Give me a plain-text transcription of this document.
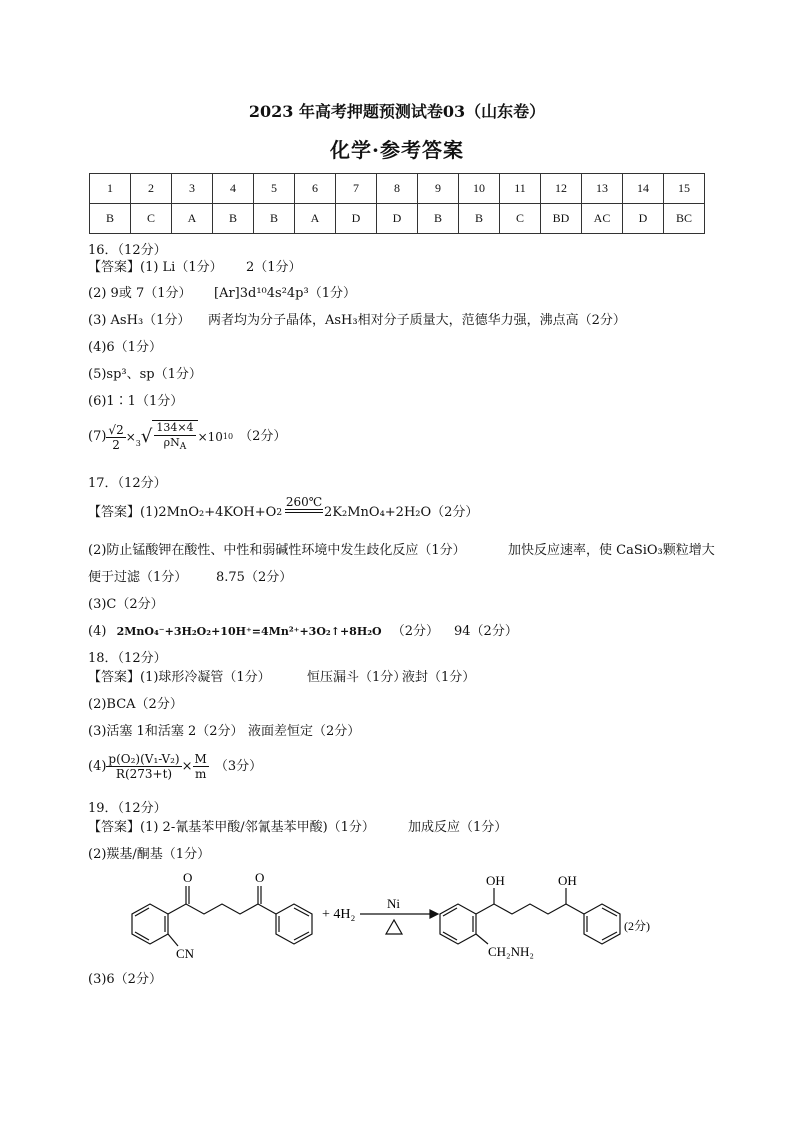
2023 年高考押题预测试卷03（山东卷）
化学·参考答案
1	2	3	4	5	6	7	8	9	10	11	12	13	14	15
B	C	A	B	B	A	D	D	B	B	C	BD	AC	D	BC
16．（12分）
【答案】(1) Li（1分） 2（1分）
(2) 9或 7（1分） [Ar]3d¹⁰4s²4p³（1分）
(3) AsH₃（1分） 两者均为分子晶体，AsH₃相对分子质量大，范德华力强，沸点高（2分）
(4)6（1分）
(5)sp³、sp（1分）
(6)1∶1（1分）
$(7) \frac{√2}{2} \times_3$ √ $\frac{134\times 4}{\rho N_A} \times 10$ 10 （2分）
17．（12分）
【答案】(1)2MnO₂+4KOH+O 2
260℃
2K₂MnO₄+2H₂O（2分）
(2)防止锰酸钾在酸性、中性和弱碱性环境中发生歧化反应（1分）	加快反应速率，使 CaSiO₃颗粒增大
便于过滤（1分） 8.75（2分）
(3)C（2分）
(4) 2MnO₄⁻+3H₂O₂+10H⁺=4Mn²⁺+3O₂↑+8H₂O （2分） 94（2分）
18．（12分）
【答案】(1)球形冷凝管（1分）	恒压漏斗（1分）
液封（1分）
(2)BCA（2分）
(3)活塞 1和活塞 2（2分） 液面差恒定（2分）
$(4) \frac{\text{p(O₂)(V₁-V₂)}}{R(273+t)} \times \frac{M}{m} (3$分）
19．（12分）
【答案】(1) 2-氰基苯甲酸/邻氰基苯甲酸)（1分）	加成反应（1分）
(2)羰基/酮基（1分）
O	O
CN
+ 4H₂
Ni
OH	OH
CH₂NH₂
(2分)
(3)6（2分）
